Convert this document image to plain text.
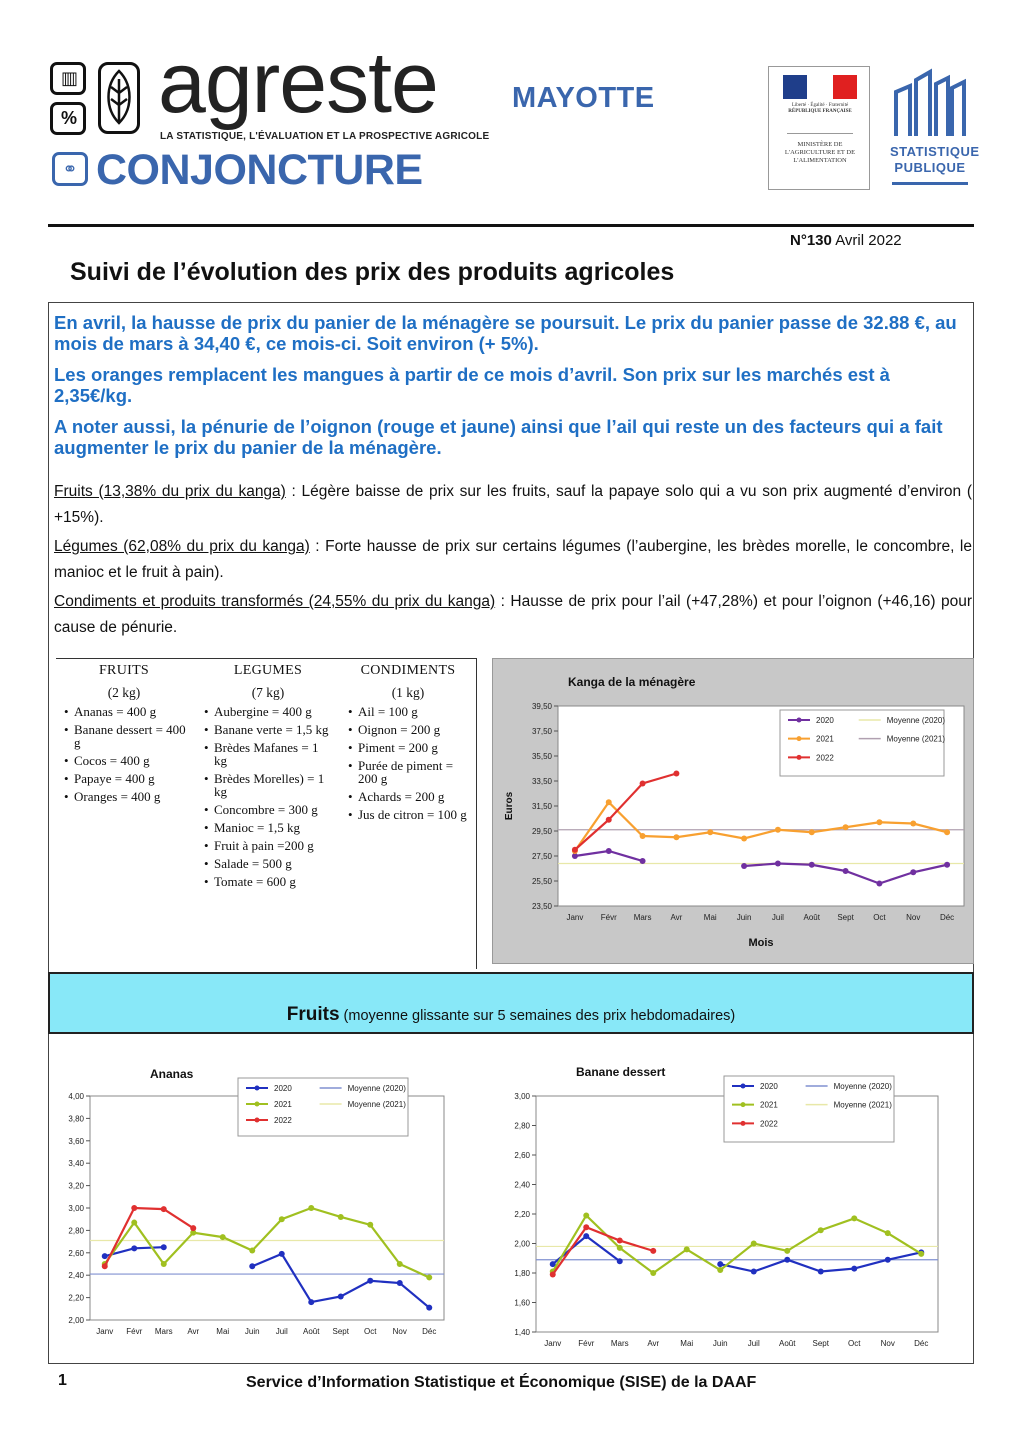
▥
% agreste
LA STATISTIQUE, L'ÉVALUATION ET LA PROSPECTIVE AGRICOLE
MAYOTTE
⚭ CONJONCTURE
Liberté · Égalité · Fraternité
RÉPUBLIQUE FRANÇAISE
MINISTÈRE DE L'AGRICULTURE ET DE L'ALIMENTATION
STATISTIQUE PUBLIQUE
N°130 Avril 2022
Suivi de l’évolution des prix des produits agricoles
En avril, la hausse de prix du panier de la ménagère se poursuit. Le prix du panier passe de 32.88 €, au mois de mars à 34,40 €, ce mois-ci. Soit environ (+ 5%).
Les oranges remplacent les mangues à partir de ce mois d’avril. Son prix sur les marchés est à 2,35€/kg.
A noter aussi, la pénurie de l’oignon (rouge et jaune) ainsi que l’ail qui reste un des facteurs qui a fait augmenter le prix du panier de la ménagère.
Fruits (13,38% du prix du kanga) : Légère baisse de prix sur les fruits, sauf la papaye solo qui a vu son prix augmenté d’environ ( +15%).
Légumes (62,08% du prix du kanga) : Forte hausse de prix sur certains légumes (l’aubergine, les brèdes morelle, le concombre, le manioc et le fruit à pain).
Condiments et produits transformés (24,55% du prix du kanga) : Hausse de prix pour l’ail (+47,28%) et pour l’oignon (+46,16) pour cause de pénurie.
FRUITS
(2 kg)
• Ananas = 400 g
• Banane dessert = 400 g
• Cocos = 400 g
• Papaye = 400 g
• Oranges = 400 g
LEGUMES
(7 kg)
• Aubergine = 400 g
• Banane verte = 1,5 kg
• Brèdes Mafanes = 1 kg
• Brèdes Morelles) = 1 kg
• Concombre = 300 g
• Manioc = 1,5 kg
• Fruit à pain =200 g
• Salade = 500 g
• Tomate = 600 g
CONDIMENTS
(1 kg)
• Ail = 100 g
• Oignon = 200 g
• Piment = 200 g
• Purée de piment = 200 g
• Achards = 200 g
• Jus de citron = 100 g
Kanga de la ménagère
39,50
37,50
35,50
33,50
31,50
29,50
27,50
25,50
23,50
Janv Févr Mars Avr	Mai	Juin	Juil Août Sept Oct	Nov Déc
Mois
Euros
2020
2021
2022
Moyenne (2020)
Moyenne (2021)
Fruits (moyenne glissante sur 5 semaines des prix hebdomadaires)
Ananas
4,00
3,80
3,60
3,40
3,20
3,00
2,80
2,60
2,40
2,20
2,00
Janv Févr Mars Avr Mai Juin Juil Août Sept Oct Nov Déc
2020
2021
2022
Moyenne (2020)
Moyenne (2021)
Banane dessert
3,00
2,80
2,60
2,40
2,20
2,00
1,80
1,60
1,40
Janv Févr Mars Avr	Mai Juin	Juil Août Sept Oct	Nov Déc
2020
2021
2022
Moyenne (2020)
Moyenne (2021)
1	Service d’Information Statistique et Économique (SISE) de la DAAF
